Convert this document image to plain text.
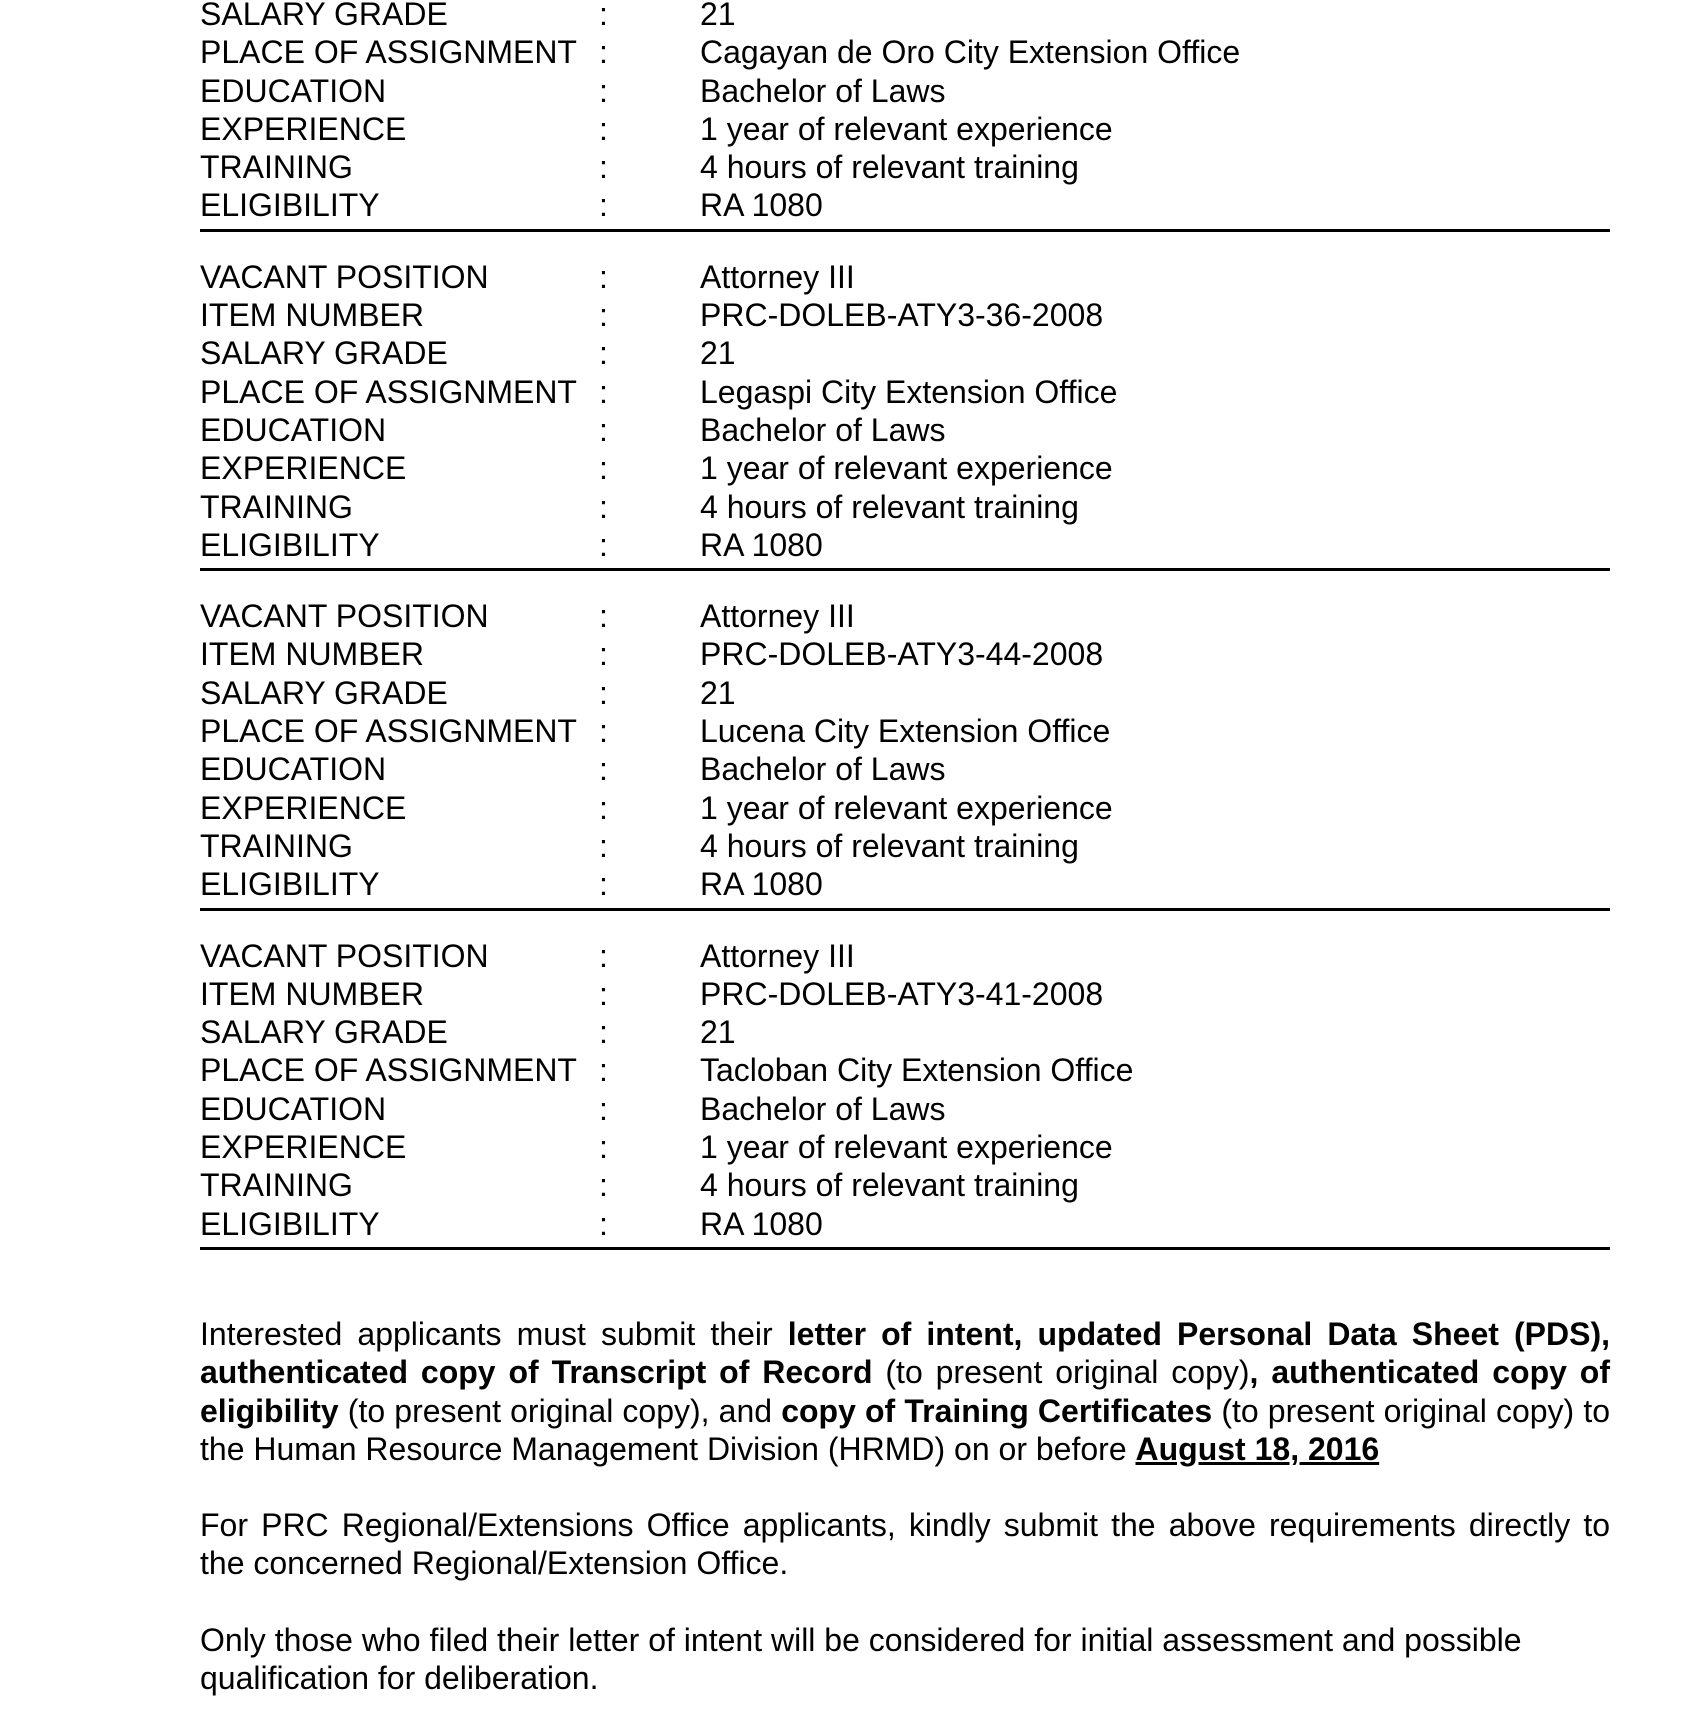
SALARY GRADE	:	21
PLACE OF ASSIGNMENT :	Cagayan de Oro City Extension Office
EDUCATION	:	Bachelor of Laws
EXPERIENCE	:	1 year of relevant experience
TRAINING	:	4 hours of relevant training
ELIGIBILITY	:	RA 1080
VACANT POSITION	:	Attorney III
ITEM NUMBER	:	PRC-DOLEB-ATY3-36-2008
SALARY GRADE	:	21
PLACE OF ASSIGNMENT :	Legaspi City Extension Office
EDUCATION	:	Bachelor of Laws
EXPERIENCE	:	1 year of relevant experience
TRAINING	:	4 hours of relevant training
ELIGIBILITY	:	RA 1080
VACANT POSITION	:	Attorney III
ITEM NUMBER	:	PRC-DOLEB-ATY3-44-2008
SALARY GRADE	:	21
PLACE OF ASSIGNMENT :	Lucena City Extension Office
EDUCATION	:	Bachelor of Laws
EXPERIENCE	:	1 year of relevant experience
TRAINING	:	4 hours of relevant training
ELIGIBILITY	:	RA 1080
VACANT POSITION	:	Attorney III
ITEM NUMBER	:	PRC-DOLEB-ATY3-41-2008
SALARY GRADE	:	21
PLACE OF ASSIGNMENT :	Tacloban City Extension Office
EDUCATION	:	Bachelor of Laws
EXPERIENCE	:	1 year of relevant experience
TRAINING	:	4 hours of relevant training
ELIGIBILITY	:	RA 1080

Interested applicants must submit their letter of intent, updated Personal Data Sheet (PDS), authenticated copy of Transcript of Record (to present original copy), authenticated copy of eligibility (to present original copy), and copy of Training Certificates (to present original copy) to the Human Resource Management Division (HRMD) on or before August 18, 2016

For PRC Regional/Extensions Office applicants, kindly submit the above requirements directly to the concerned Regional/Extension Office.

Only those who filed their letter of intent will be considered for initial assessment and possible qualification for deliberation.
